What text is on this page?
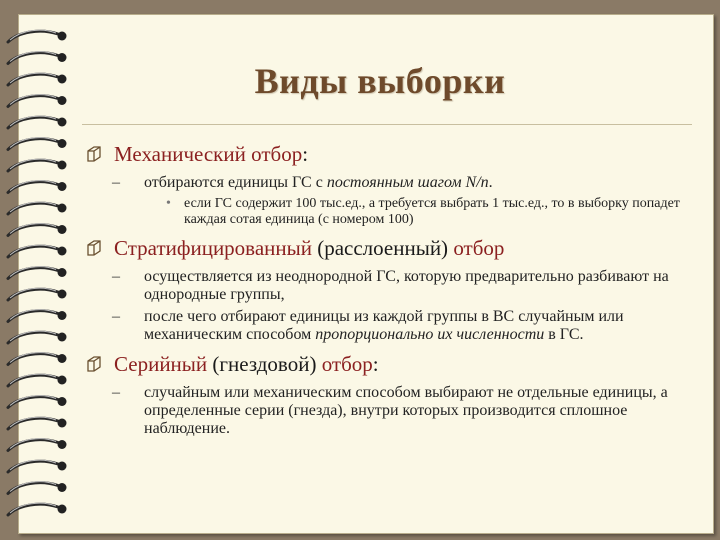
Виды выборки
Механический отбор:
– отбираются единицы ГС с постоянным шагом N/n.
• если ГС содержит 100 тыс.ед., а требуется выбрать 1 тыс.ед., то в выборку попадет каждая сотая единица (с номером 100)
Стратифицированный (расслоенный) отбор
– осуществляется из неоднородной ГС, которую предварительно разбивают на однородные группы,
– после чего отбирают единицы из каждой группы в ВС случайным или механическим способом пропорционально их численности в ГС.
Серийный (гнездовой) отбор:
– случайным или механическим способом выбирают не отдельные единицы, а определенные серии (гнезда), внутри которых производится сплошное наблюдение.
